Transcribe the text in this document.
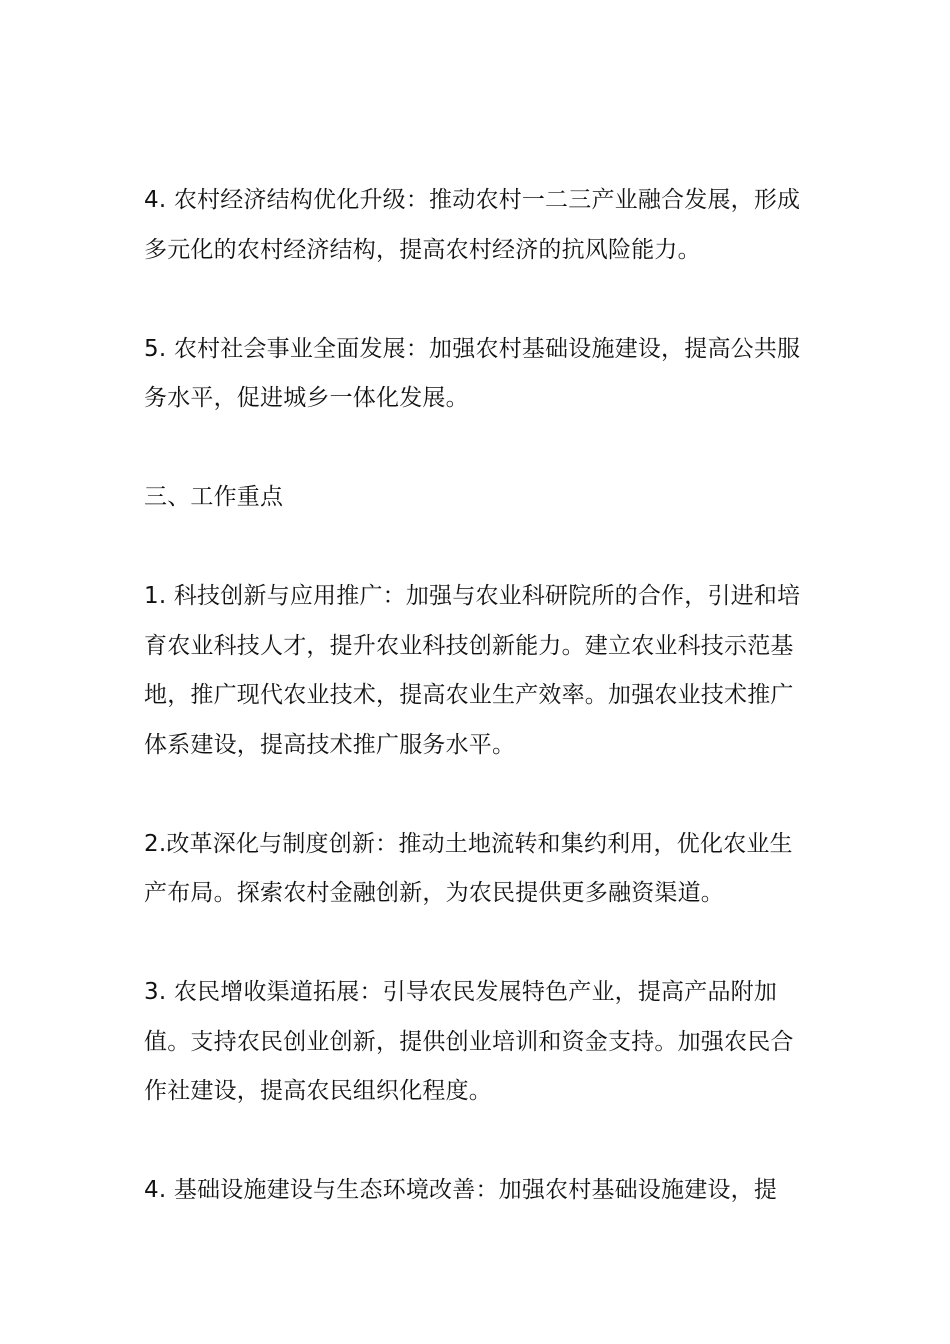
4. 农村经济结构优化升级：推动农村一二三产业融合发展，形成多元化的农村经济结构，提高农村经济的抗风险能力。

5. 农村社会事业全面发展：加强农村基础设施建设，提高公共服务水平，促进城乡一体化发展。

三、工作重点

1. 科技创新与应用推广：加强与农业科研院所的合作，引进和培育农业科技人才，提升农业科技创新能力。建立农业科技示范基地，推广现代农业技术，提高农业生产效率。加强农业技术推广体系建设，提高技术推广服务水平。

2.改革深化与制度创新：推动土地流转和集约利用，优化农业生产布局。探索农村金融创新，为农民提供更多融资渠道。

3. 农民增收渠道拓展：引导农民发展特色产业，提高产品附加值。支持农民创业创新，提供创业培训和资金支持。加强农民合作社建设，提高农民组织化程度。

4. 基础设施建设与生态环境改善：加强农村基础设施建设，提
